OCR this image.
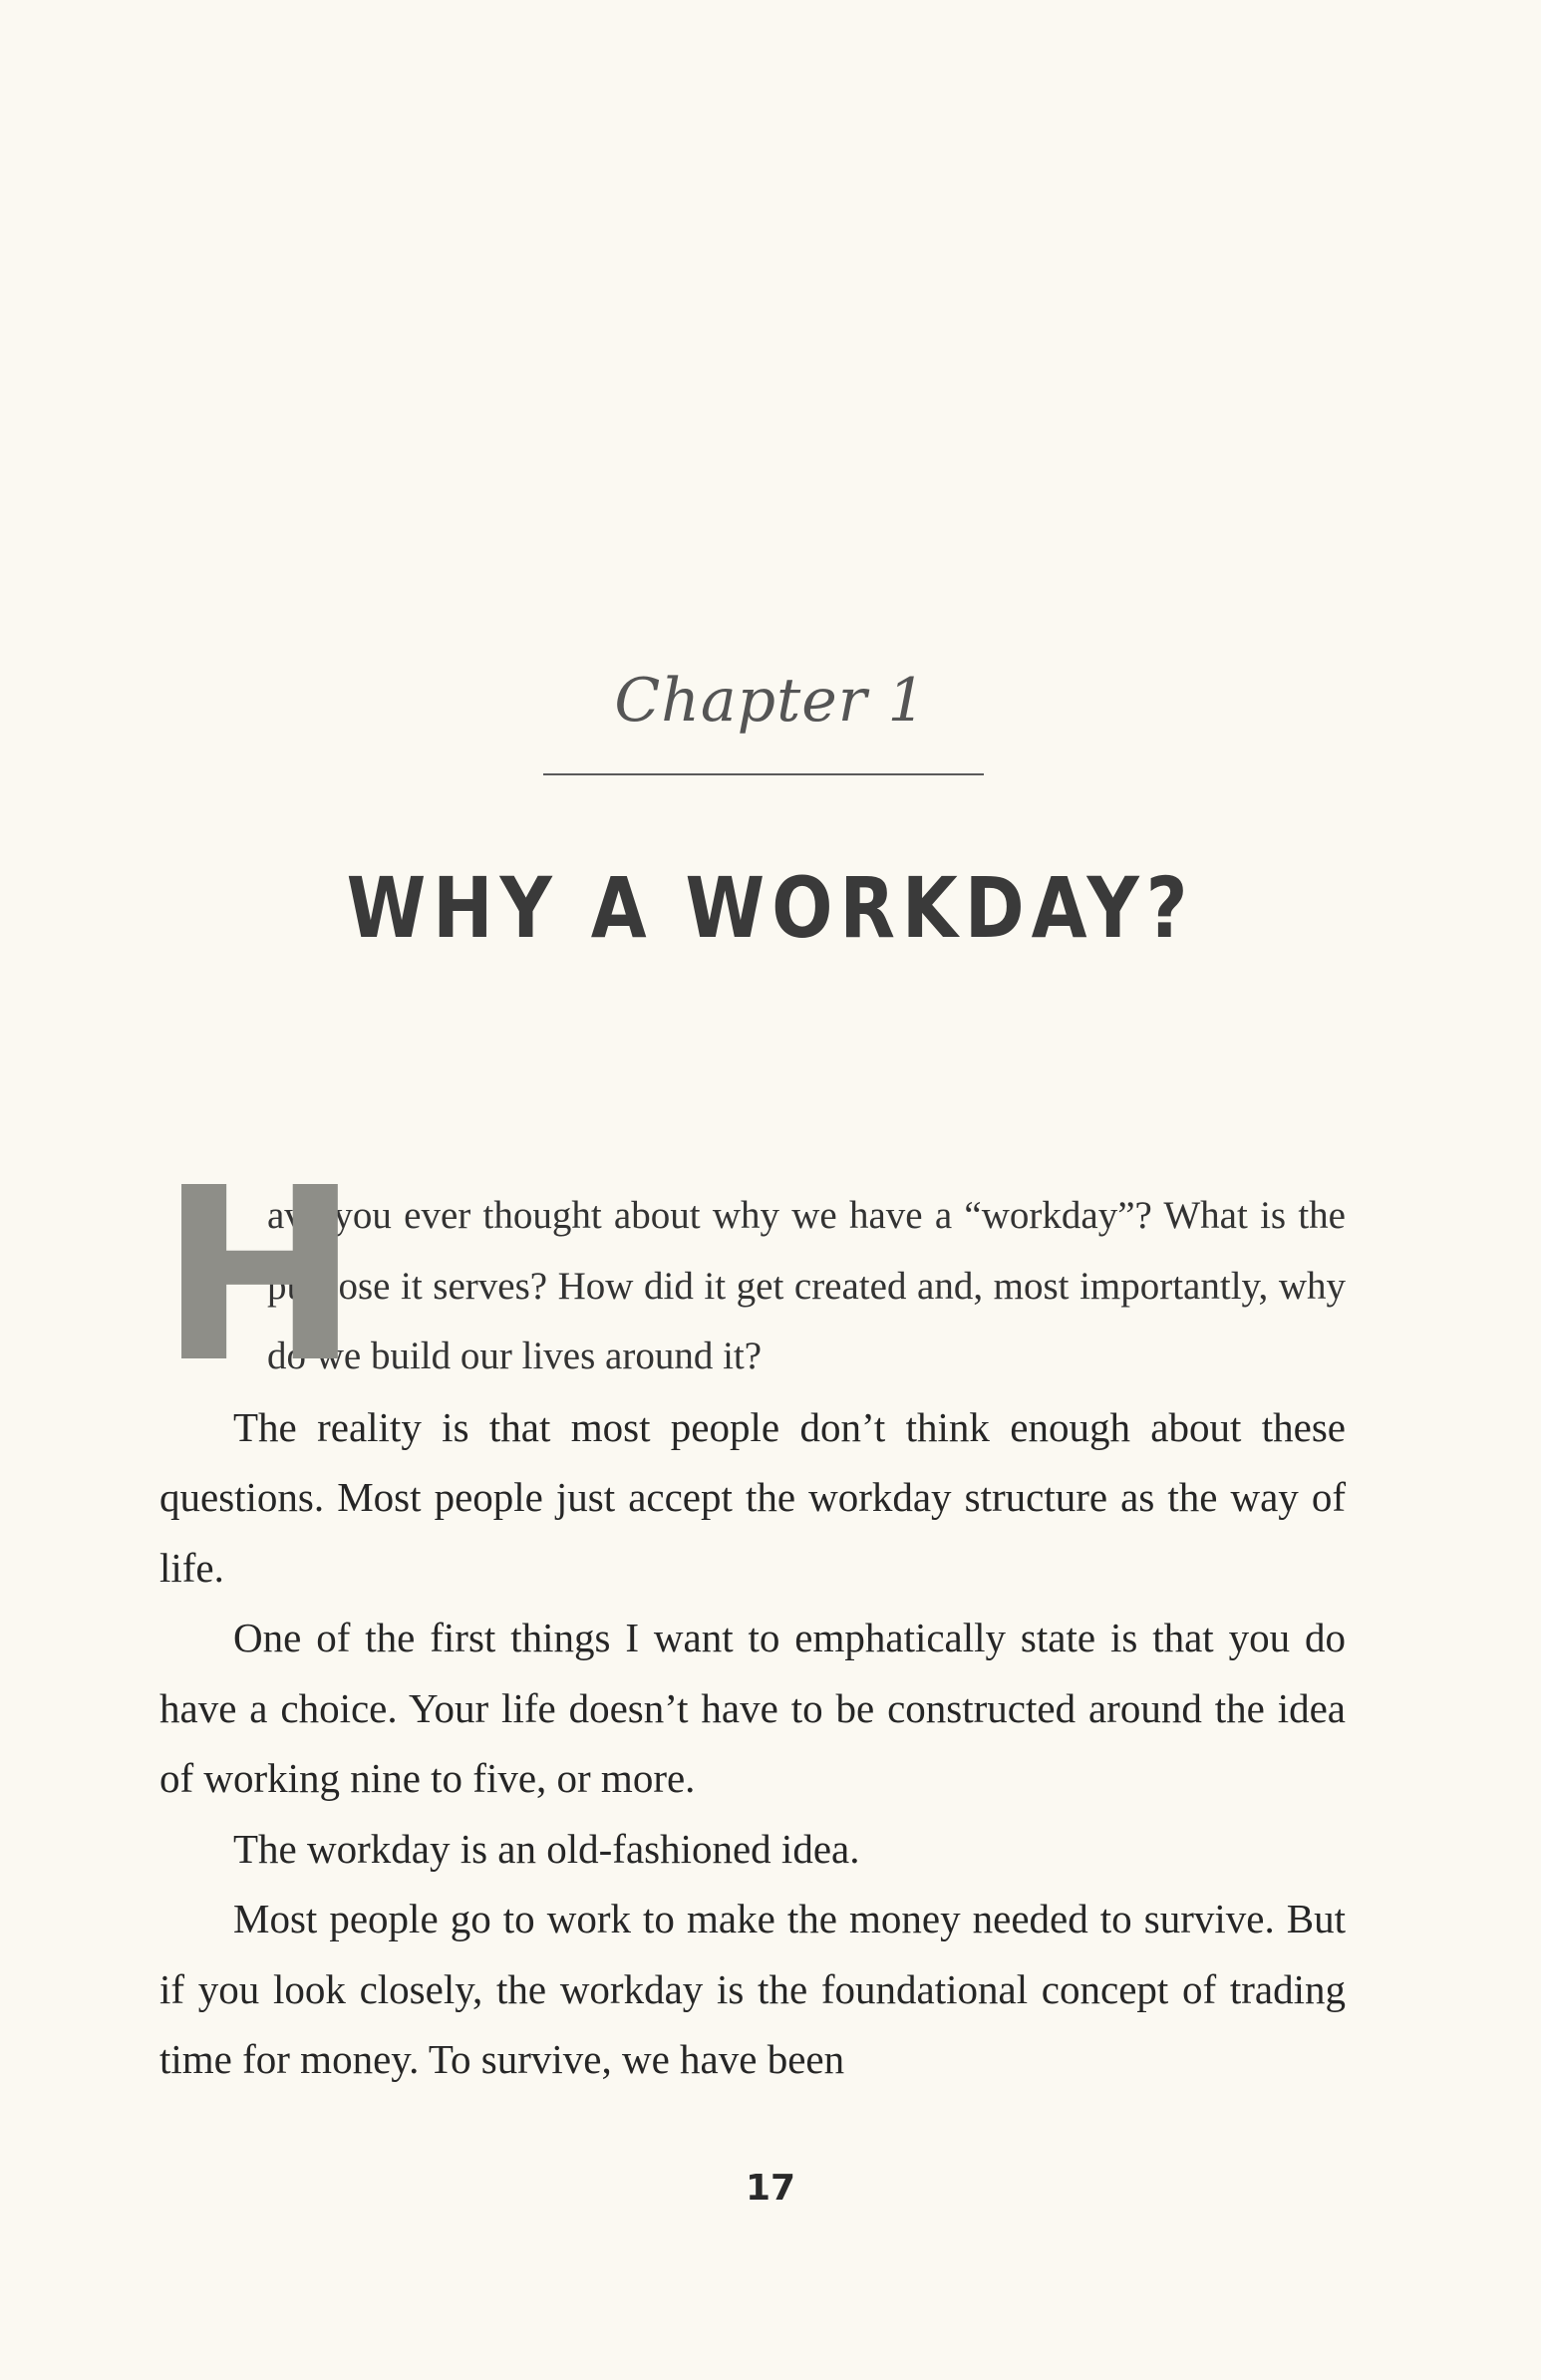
Chapter 1
WHY A WORKDAY?
H
ave you ever thought about why we have a “workday”? What is the purpose it serves? How did it get created and, most importantly, why do we build our lives around it?

The reality is that most people don’t think enough about these questions. Most people just accept the workday structure as the way of life.

One of the first things I want to emphatically state is that you do have a choice. Your life doesn’t have to be constructed around the idea of working nine to five, or more.

The workday is an old-fashioned idea.

Most people go to work to make the money needed to survive. But if you look closely, the workday is the foundational concept of trading time for money. To survive, we have been

17
